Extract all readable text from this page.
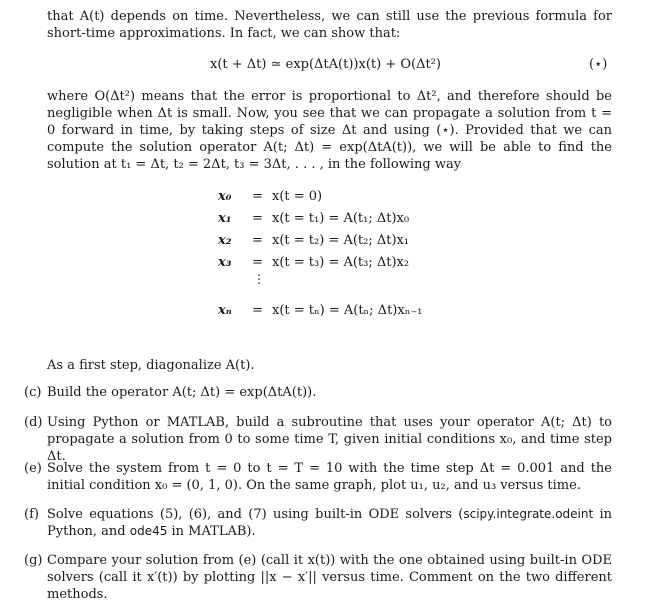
that A(t) depends on time. Nevertheless, we can still use the previous formula for short-time approximations. In fact, we can show that:
x(t + Δt) ≃ exp(ΔtA(t))x(t) + O(Δt²)	(⋆)
where O(Δt²) means that the error is proportional to Δt², and therefore should be negligible when Δt is small. Now, you see that we can propagate a solution from t = 0 forward in time, by taking steps of size Δt and using (⋆). Provided that we can compute the solution operator A(t; Δt) = exp(ΔtA(t)), we will be able to find the solution at t₁ = Δt, t₂ = 2Δt, t₃ = 3Δt, . . . , in the following way
x₀	= x(t = 0)
x₁	= x(t = t₁) = A(t₁; Δt)x₀
x₂	= x(t = t₂) = A(t₂; Δt)x₁
x₃	= x(t = t₃) = A(t₃; Δt)x₂
⋮
xₙ	= x(t = tₙ) = A(tₙ; Δt)xₙ₋₁
As a first step, diagonalize A(t).
(c) Build the operator A(t; Δt) = exp(ΔtA(t)).
(d) Using Python or MATLAB, build a subroutine that uses your operator A(t; Δt) to propagate a solution from 0 to some time T, given initial conditions x₀, and time step Δt.
(e) Solve the system from t = 0 to t = T = 10 with the time step Δt = 0.001 and the initial condition x₀ = (0, 1, 0). On the same graph, plot u₁, u₂, and u₃ versus time.
(f) Solve equations (5), (6), and (7) using built-in ODE solvers (scipy.integrate.odeint in Python, and ode45 in MATLAB).
(g) Compare your solution from (e) (call it x(t)) with the one obtained using built-in ODE solvers (call it x′(t)) by plotting ||x − x′|| versus time. Comment on the two different methods.
